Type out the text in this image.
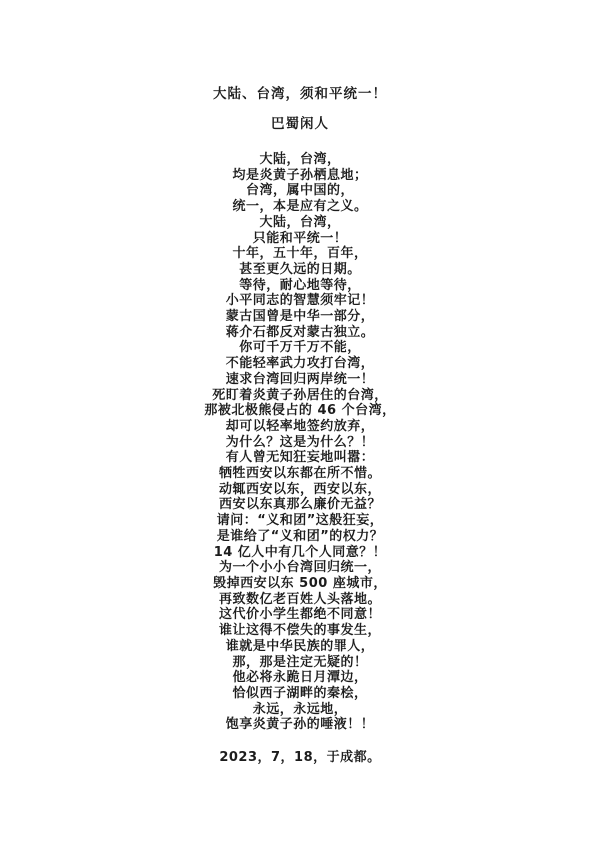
大陆、台湾，须和平统一！
巴蜀闲人
大陆，台湾，
均是炎黄子孙栖息地；
台湾，属中国的，
统一，本是应有之义。
大陆，台湾，
只能和平统一！
十年，五十年，百年，
甚至更久远的日期。
等待，耐心地等待，
小平同志的智慧须牢记！
蒙古国曾是中华一部分，
蒋介石都反对蒙古独立。
你可千万千万不能，
不能轻率武力攻打台湾，
速求台湾回归两岸统一！
死盯着炎黄子孙居住的台湾，
那被北极熊侵占的 46 个台湾，
却可以轻率地签约放弃，
为什么？这是为什么？！
有人曾无知狂妄地叫嚣：
牺牲西安以东都在所不惜。
动辄西安以东，西安以东，
西安以东真那么廉价无益？
请问：“义和团”这般狂妄，
是谁给了“义和团”的权力？
14 亿人中有几个人同意？！
为一个小小台湾回归统一，
毁掉西安以东 500 座城市，
再致数亿老百姓人头落地。
这代价小学生都绝不同意！
谁让这得不偿失的事发生，
谁就是中华民族的罪人，
那，那是注定无疑的！
他必将永跪日月潭边，
恰似西子湖畔的秦桧，
永远，永远地，
饱享炎黄子孙的唾液！！
2023，7，18，于成都。
